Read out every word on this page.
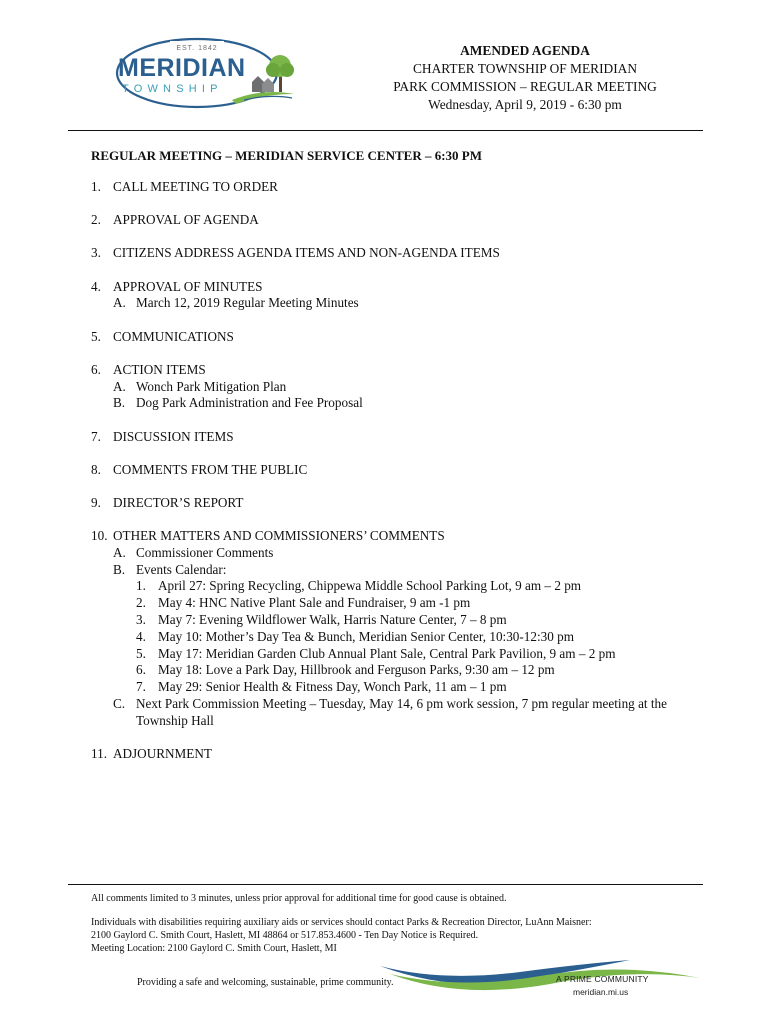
EST. 1842
MERIDIAN
TOWNSHIP
AMENDED AGENDA
CHARTER TOWNSHIP OF MERIDIAN
PARK COMMISSION – REGULAR MEETING
Wednesday, April 9, 2019 - 6:30 pm
REGULAR MEETING – MERIDIAN SERVICE CENTER – 6:30 PM
1. CALL MEETING TO ORDER
2. APPROVAL OF AGENDA
3. CITIZENS ADDRESS AGENDA ITEMS AND NON-AGENDA ITEMS
4. APPROVAL OF MINUTES
A. March 12, 2019 Regular Meeting Minutes
5. COMMUNICATIONS
6. ACTION ITEMS
A. Wonch Park Mitigation Plan
B. Dog Park Administration and Fee Proposal
7. DISCUSSION ITEMS
8. COMMENTS FROM THE PUBLIC
9. DIRECTOR’S REPORT
10. OTHER MATTERS AND COMMISSIONERS’ COMMENTS
A. Commissioner Comments
B. Events Calendar:
1. April 27: Spring Recycling, Chippewa Middle School Parking Lot, 9 am – 2 pm
2. May 4: HNC Native Plant Sale and Fundraiser, 9 am -1 pm
3. May 7: Evening Wildflower Walk, Harris Nature Center, 7 – 8 pm
4. May 10: Mother’s Day Tea & Bunch, Meridian Senior Center, 10:30-12:30 pm
5. May 17: Meridian Garden Club Annual Plant Sale, Central Park Pavilion, 9 am – 2 pm
6. May 18: Love a Park Day, Hillbrook and Ferguson Parks, 9:30 am – 12 pm
7. May 29: Senior Health & Fitness Day, Wonch Park, 11 am – 1 pm
C. Next Park Commission Meeting – Tuesday, May 14, 6 pm work session, 7 pm regular meeting at the Township Hall
11. ADJOURNMENT
All comments limited to 3 minutes, unless prior approval for additional time for good cause is obtained.
Individuals with disabilities requiring auxiliary aids or services should contact Parks & Recreation Director, LuAnn Maisner:
2100 Gaylord C. Smith Court, Haslett, MI 48864 or 517.853.4600 - Ten Day Notice is Required.
Meeting Location: 2100 Gaylord C. Smith Court, Haslett, MI
Providing a safe and welcoming, sustainable, prime community.	A PRIME COMMUNITY
meridian.mi.us
